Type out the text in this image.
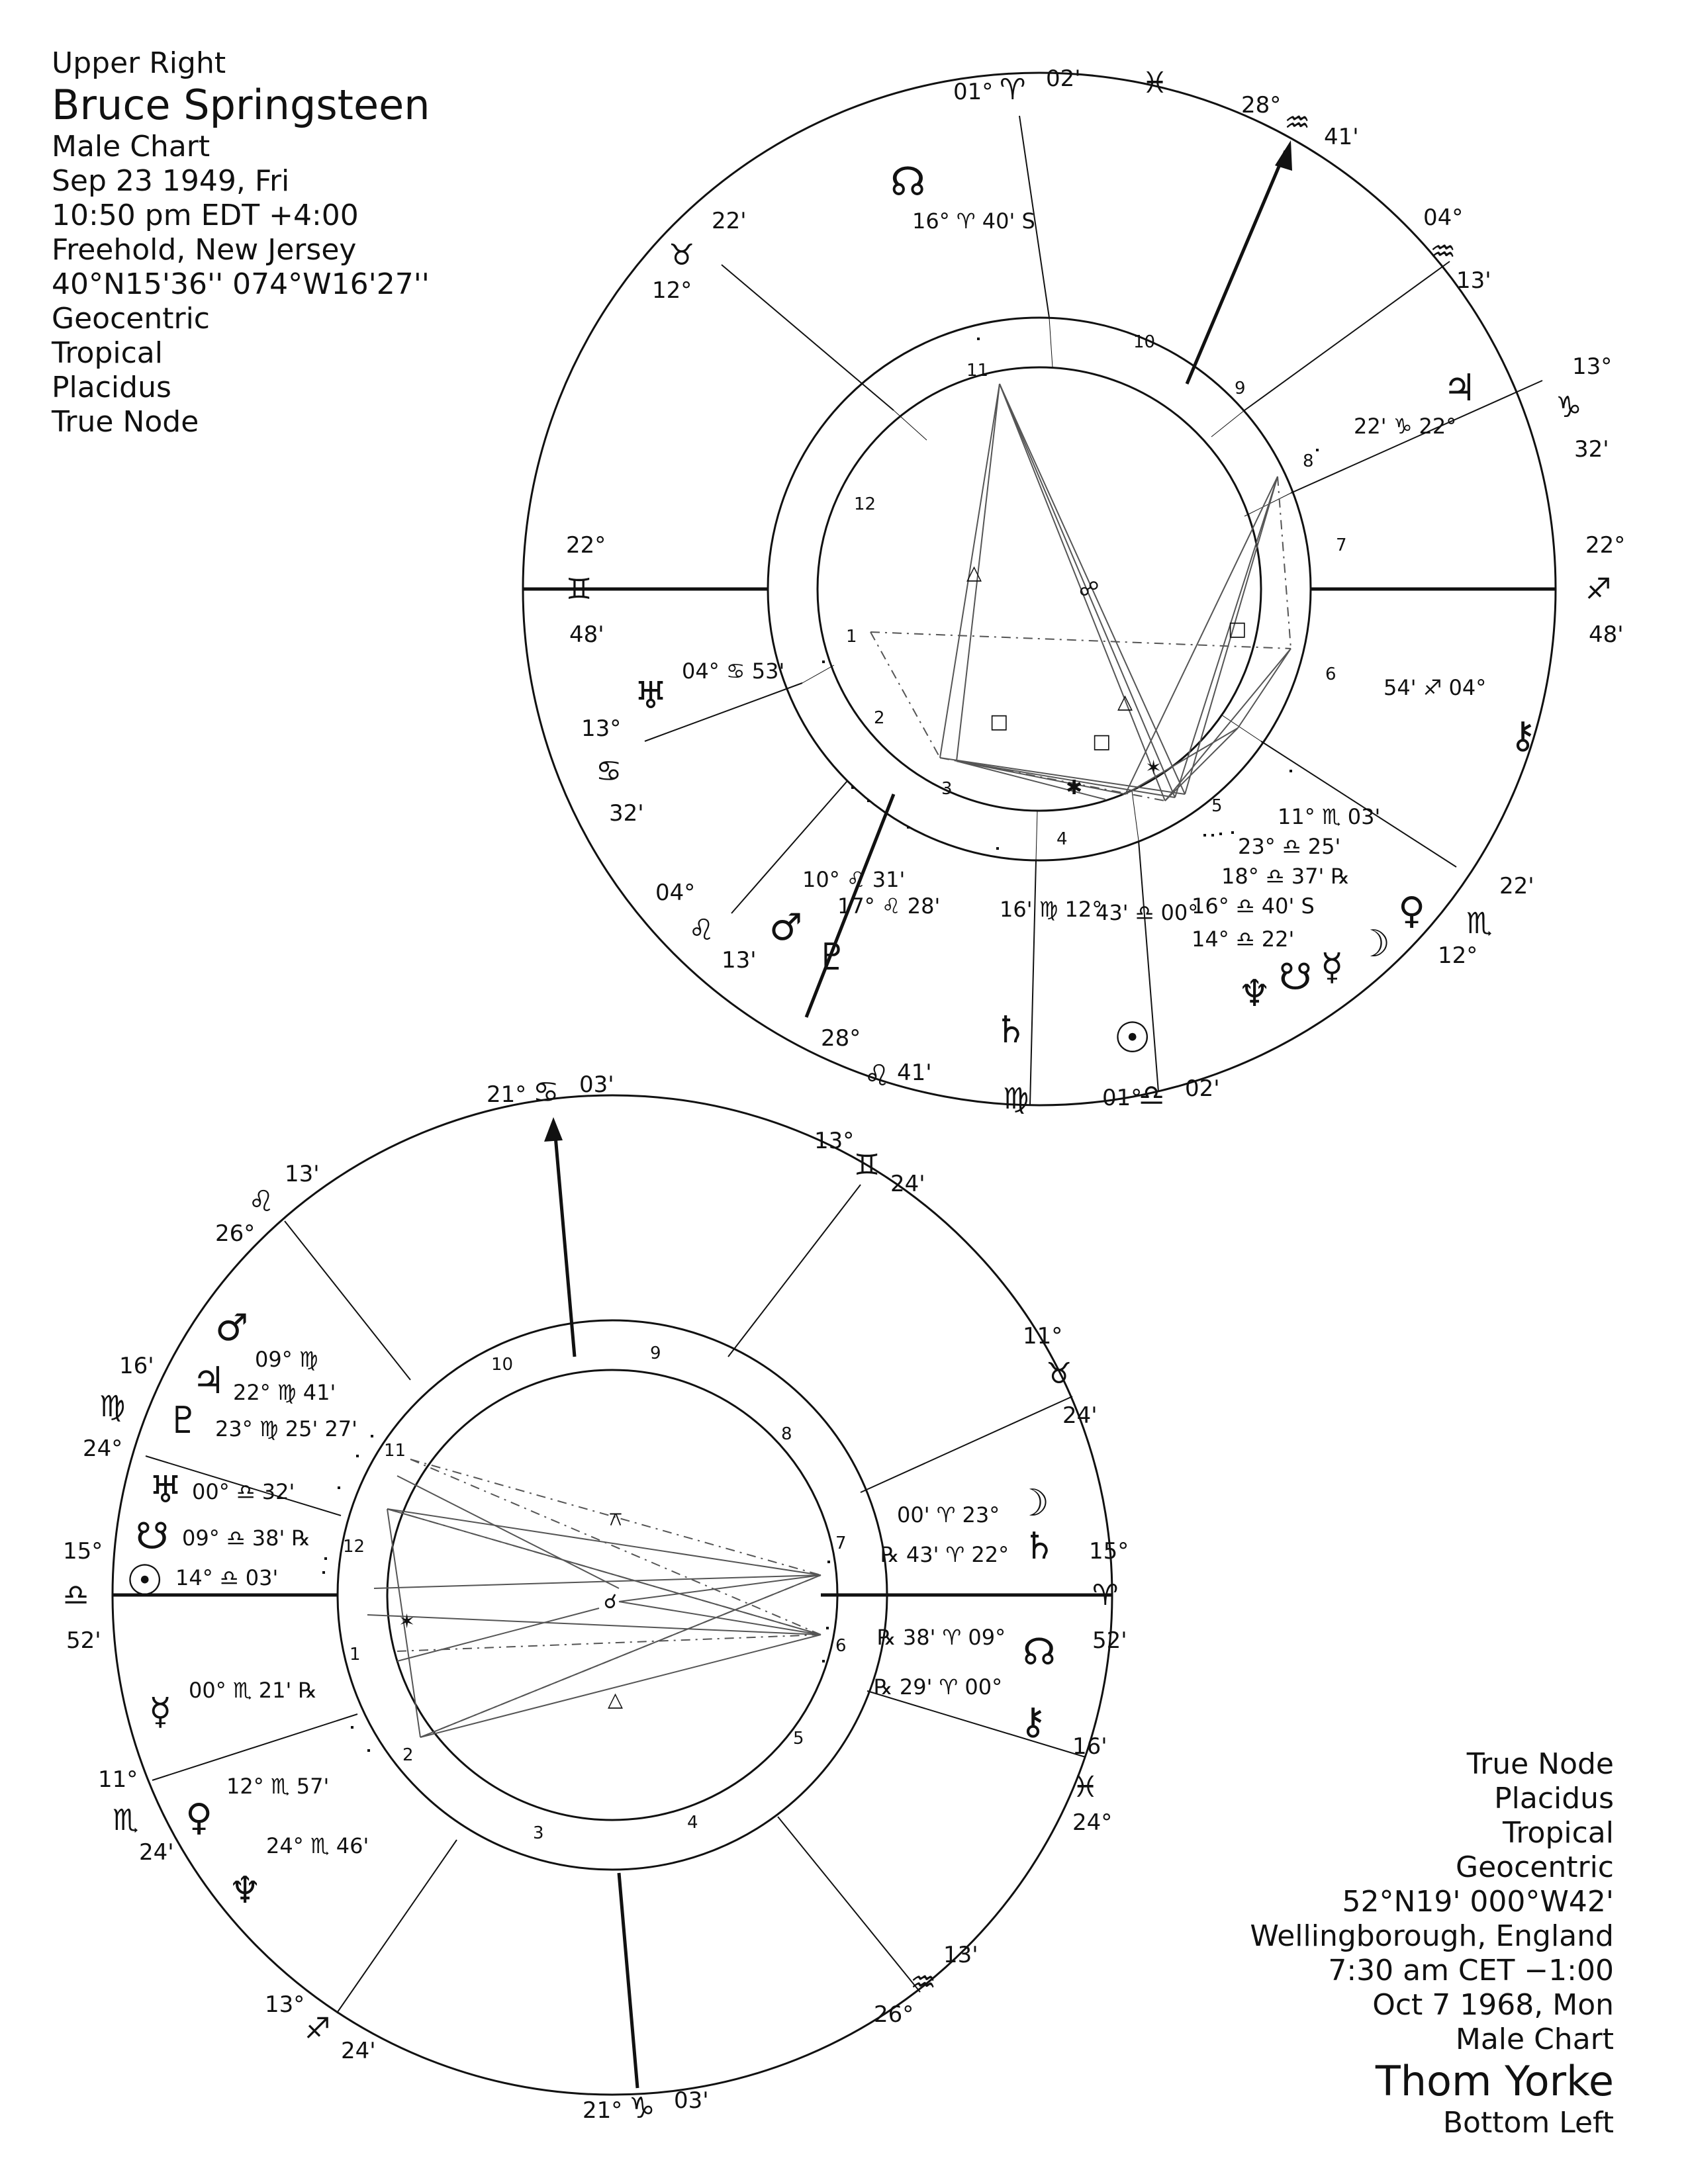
Upper Right
Bruce Springsteen
Male Chart
Sep 23 1949, Fri
10:50 pm EDT +4:00
Freehold, New Jersey
40°N15'36'' 074°W16'27''
Geocentric
Tropical
Placidus
True Node
True Node
Placidus
Tropical
Geocentric
52°N19' 000°W42'
Wellingborough, England
7:30 am CET −1:00
Oct 7 1968, Mon
Male Chart
Thom Yorke
Bottom Left
10
11
12
1
2
3
4
5
6
7
8
9
10
9
8
7
6
5
4
3
2
1
12
11
22°
♊
48'
13°
♋
32'
04°
♌
13'
28°
♌ 41'
01°
♎ 02'
12°
♏
22'
22°
♐
48'
13°
♑
32'
04°
♒
13'
28°
♒ 41'
01° ♈ 02'
12°
♉
22'
♓
♍
☊
16° ♈ 40' S
♃
22' ♑ 22°
⚷
54' ♐ 04°
♅
04° ♋ 53'
♂
10° ♌ 31'
♇
17° ♌ 28'
♄
16' ♍ 12°
☉
43' ♎ 00°	♀
11° ♏ 03'
☽
23° ♎ 25'
☿
18° ♎ 37' ℞
☋
16° ♎ 40' S
♆
14° ♎ 22'
15°
♎
52'
11°
♏
24'
13°
♐
24'
21° ♑ 03'
26°
♒
13'
24°
♓
16'
15°
♈
52'
11°
♉
24'
13°
♊
24'
21° ♋ 03'
26°
♌
13'
24°
♍
16'
♂
09° ♍
♃ 22° ♍ 41'
♇ 23° ♍ 25' 27'
♅ 00° ♎ 32'
☋ 09° ♎ 38' ℞
☉ 14° ♎ 03'
☿ 00° ♏ 21' ℞
♀
12° ♏ 57'
♆
24° ♏ 46'
☽
00' ♈ 23°
♄
℞ 43' ♈ 22°
☊
℞ 38' ♈ 09°
⚷
℞ 29' ♈ 00°
△
☍
□
□
□
△
✱
✶
☌
✶
△
⚻
